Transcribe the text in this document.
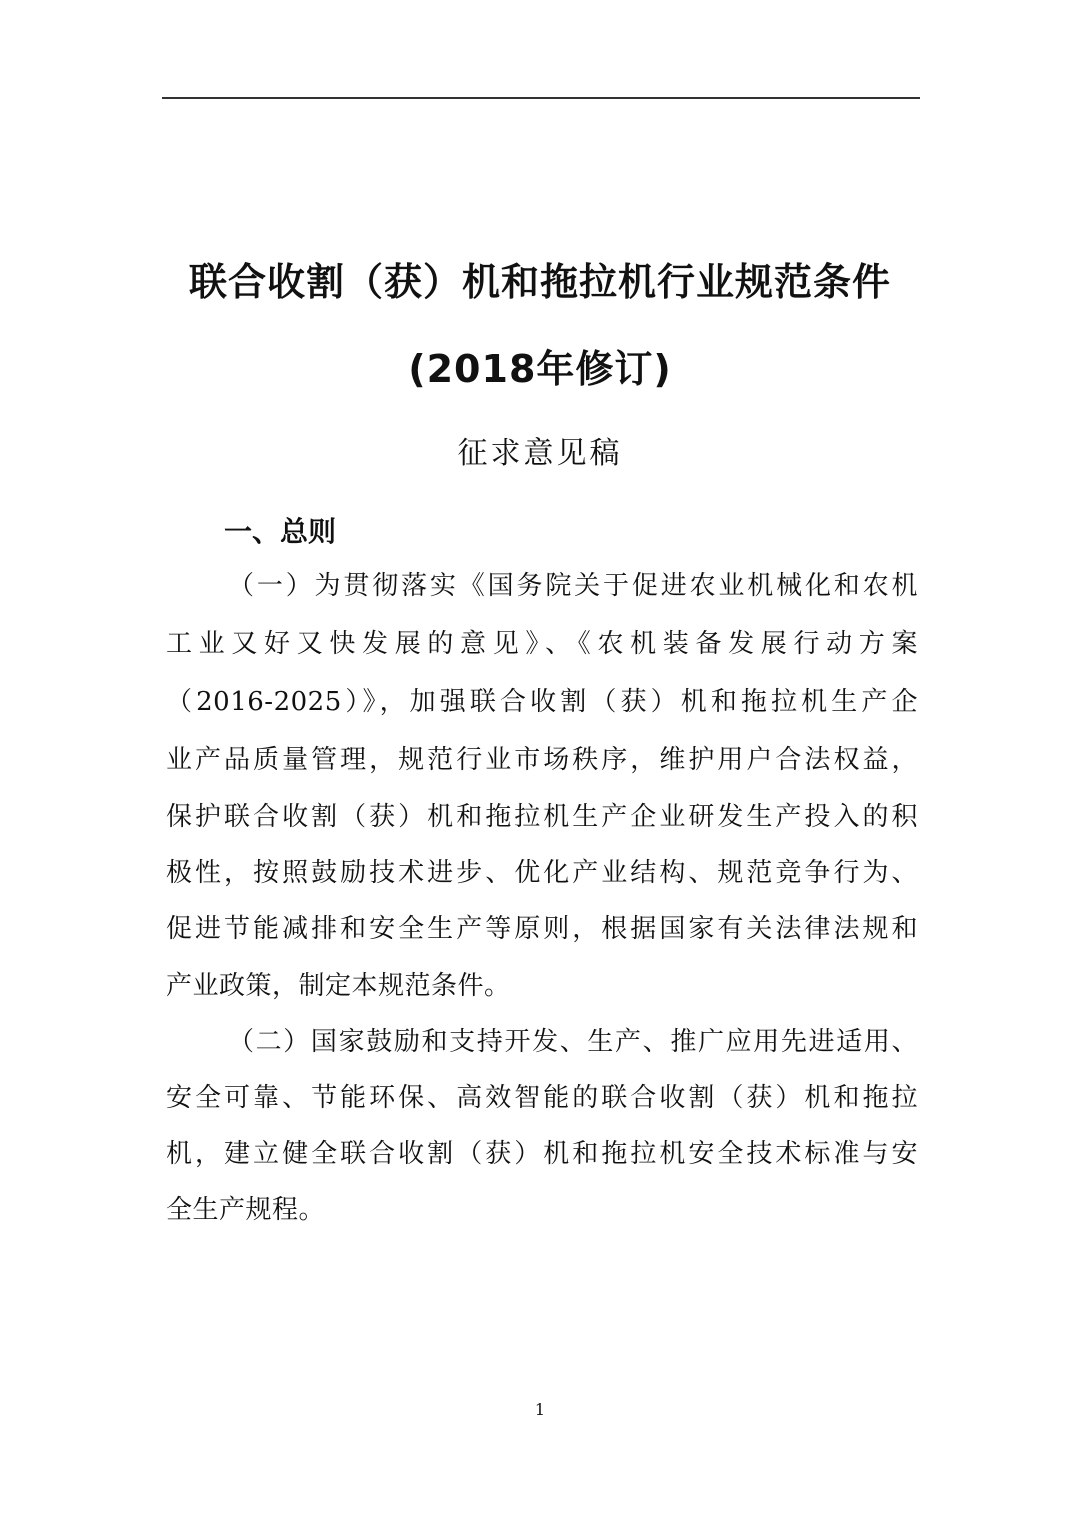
联合收割（获）机和拖拉机行业规范条件
(2018年修订)
征求意见稿
一、总则
（一）为贯彻落实《国务院关于促进农业机械化和农机
工业又好又快发展的意见》、《农机装备发展行动方案
（2016-2025）》，加强联合收割（获）机和拖拉机生产企
业产品质量管理，规范行业市场秩序，维护用户合法权益，
保护联合收割（获）机和拖拉机生产企业研发生产投入的积
极性，按照鼓励技术进步、优化产业结构、规范竞争行为、
促进节能减排和安全生产等原则，根据国家有关法律法规和
产业政策，制定本规范条件。
（二）国家鼓励和支持开发、生产、推广应用先进适用、
安全可靠、节能环保、高效智能的联合收割（获）机和拖拉
机，建立健全联合收割（获）机和拖拉机安全技术标准与安
全生产规程。
1
